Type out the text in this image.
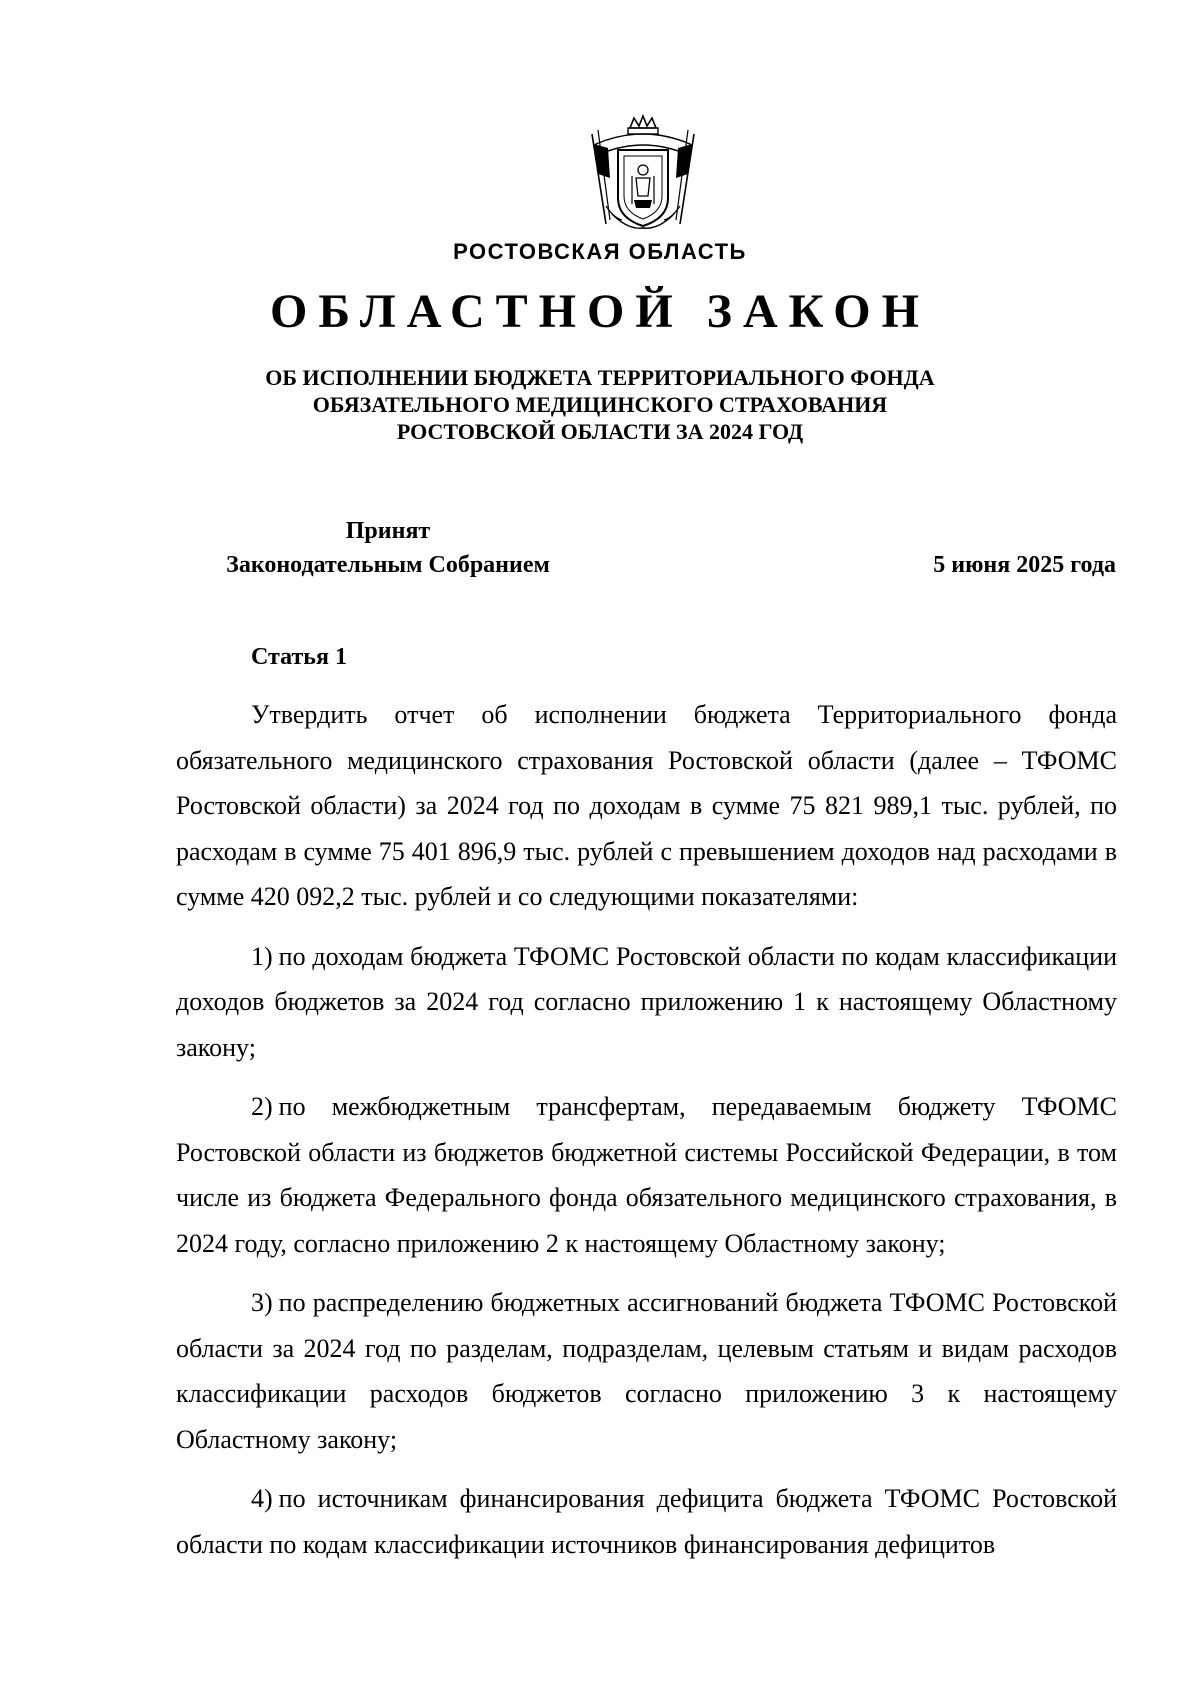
РОСТОВСКАЯ ОБЛАСТЬ
ОБЛАСТНОЙ ЗАКОН
ОБ ИСПОЛНЕНИИ БЮДЖЕТА ТЕРРИТОРИАЛЬНОГО ФОНДА
ОБЯЗАТЕЛЬНОГО МЕДИЦИНСКОГО СТРАХОВАНИЯ
РОСТОВСКОЙ ОБЛАСТИ ЗА 2024 ГОД
Принят
Законодательным Собранием	5 июня 2025 года
Статья 1

Утвердить отчет об исполнении бюджета Территориального фонда обязательного медицинского страхования Ростовской области (далее – ТФОМС Ростовской области) за 2024 год по доходам в сумме 75 821 989,1 тыс. рублей, по расходам в сумме 75 401 896,9 тыс. рублей с превышением доходов над расходами в сумме 420 092,2 тыс. рублей и со следующими показателями:

1) по доходам бюджета ТФОМС Ростовской области по кодам классификации доходов бюджетов за 2024 год согласно приложению 1 к настоящему Областному закону;

2) по межбюджетным трансфертам, передаваемым бюджету ТФОМС Ростовской области из бюджетов бюджетной системы Российской Федерации, в том числе из бюджета Федерального фонда обязательного медицинского страхования, в 2024 году, согласно приложению 2 к настоящему Областному закону;

3) по распределению бюджетных ассигнований бюджета ТФОМС Ростовской области за 2024 год по разделам, подразделам, целевым статьям и видам расходов классификации расходов бюджетов согласно приложению 3 к настоящему Областному закону;

4) по источникам финансирования дефицита бюджета ТФОМС Ростовской области по кодам классификации источников финансирования дефицитов
